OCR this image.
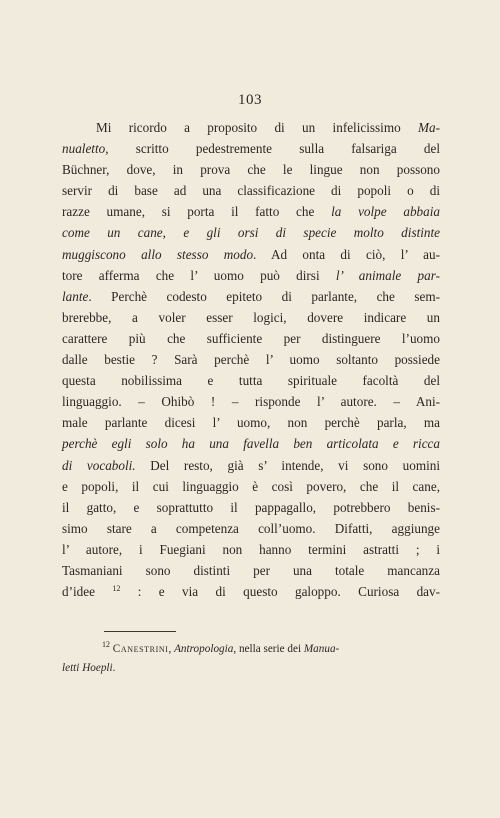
103
Mi ricordo a proposito di un infelicissimo Ma-
nualetto, scritto pedestremente sulla falsariga del
Büchner, dove, in prova che le lingue non possono
servir di base ad una classificazione di popoli o di
razze umane, si porta il fatto che la volpe abbaia
come un cane, e gli orsi di specie molto distinte
muggiscono allo stesso modo. Ad onta di ciò, l’ au-
tore afferma che l’ uomo può dirsi l’ animale par-
lante. Perchè codesto epiteto di parlante, che sem-
brerebbe, a voler esser logici, dovere indicare un
carattere più che sufficiente per distinguere l’uomo
dalle bestie ? Sarà perchè l’ uomo soltanto possiede
questa nobilissima e tutta spirituale facoltà del
linguaggio. – Ohibò ! – risponde l’ autore. – Ani-
male parlante dicesi l’ uomo, non perchè parla, ma
perchè egli solo ha una favella ben articolata e ricca
di vocaboli. Del resto, già s’ intende, vi sono uomini
e popoli, il cui linguaggio è così povero, che il cane,
il gatto, e soprattutto il pappagallo, potrebbero benis-
simo stare a competenza coll’uomo. Difatti, aggiunge
l’ autore, i Fuegiani non hanno termini astratti ; i
Tasmaniani sono distinti per una totale mancanza
d’idee $^{12}$ : e via di questo galoppo. Curiosa dav-
$^{12}$ Canestrini, Antropologia, nella serie dei Manua-
letti Hoepli.
